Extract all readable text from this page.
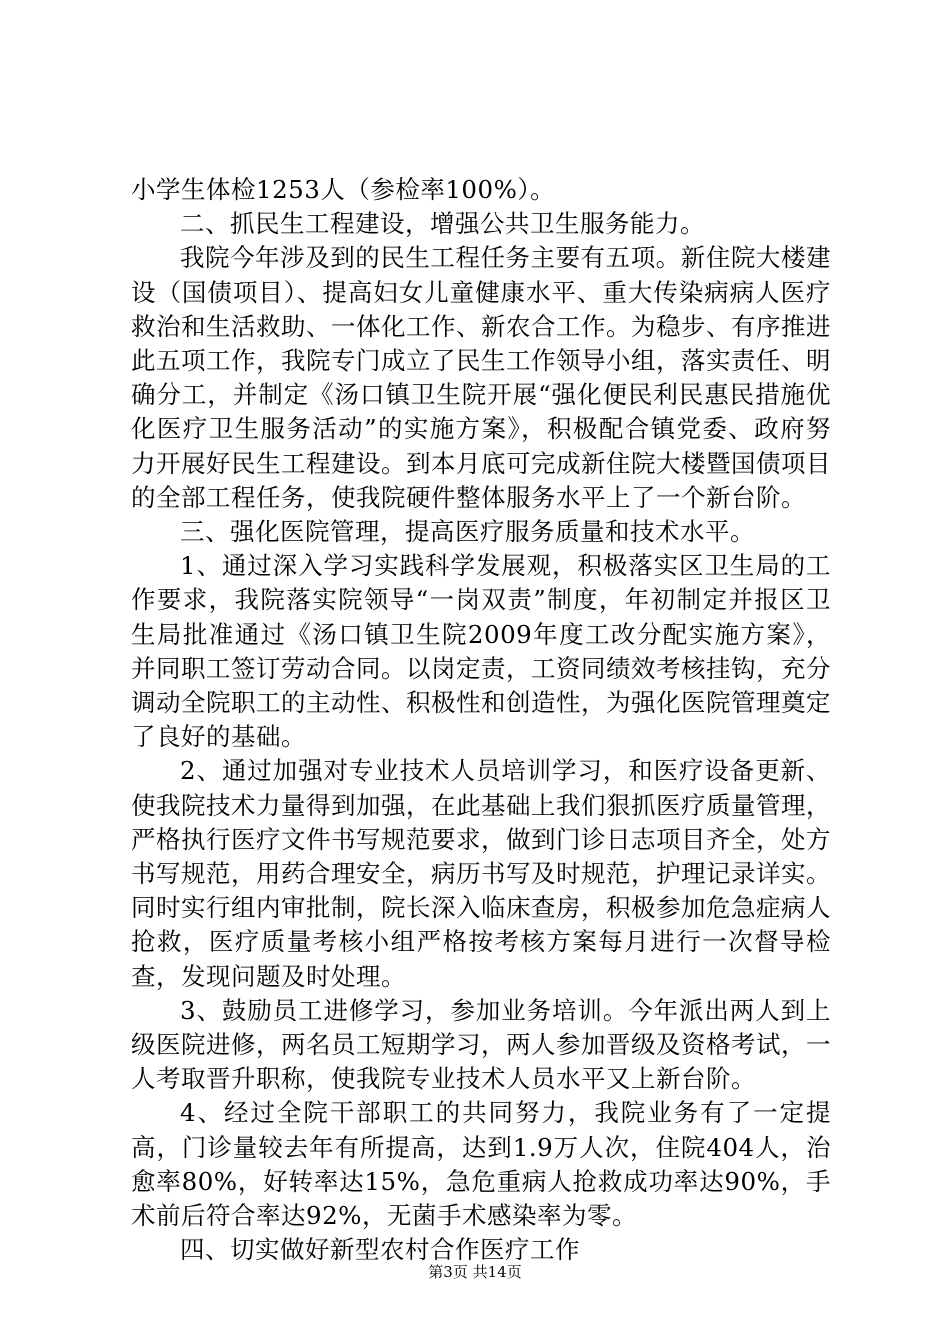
小学生体检1253人（参检率100%）。

二、抓民生工程建设，增强公共卫生服务能力。

我院今年涉及到的民生工程任务主要有五项。新住院大楼建设（国债项目）、提高妇女儿童健康水平、重大传染病病人医疗救治和生活救助、一体化工作、新农合工作。为稳步、有序推进此五项工作，我院专门成立了民生工作领导小组，落实责任、明确分工，并制定《汤口镇卫生院开展“强化便民利民惠民措施优化医疗卫生服务活动”的实施方案》，积极配合镇党委、政府努力开展好民生工程建设。到本月底可完成新住院大楼暨国债项目的全部工程任务，使我院硬件整体服务水平上了一个新台阶。

三、强化医院管理，提高医疗服务质量和技术水平。

1、通过深入学习实践科学发展观，积极落实区卫生局的工作要求，我院落实院领导“一岗双责”制度，年初制定并报区卫生局批准通过《汤口镇卫生院2009年度工改分配实施方案》，并同职工签订劳动合同。以岗定责，工资同绩效考核挂钩，充分调动全院职工的主动性、积极性和创造性，为强化医院管理奠定了良好的基础。

2、通过加强对专业技术人员培训学习，和医疗设备更新、使我院技术力量得到加强，在此基础上我们狠抓医疗质量管理，严格执行医疗文件书写规范要求，做到门诊日志项目齐全，处方书写规范，用药合理安全，病历书写及时规范，护理记录详实。同时实行组内审批制，院长深入临床查房，积极参加危急症病人抢救，医疗质量考核小组严格按考核方案每月进行一次督导检查，发现问题及时处理。

3、鼓励员工进修学习，参加业务培训。今年派出两人到上级医院进修，两名员工短期学习，两人参加晋级及资格考试，一人考取晋升职称，使我院专业技术人员水平又上新台阶。

4、经过全院干部职工的共同努力，我院业务有了一定提高，门诊量较去年有所提高，达到1.9万人次，住院404人，治愈率80%，好转率达15%，急危重病人抢救成功率达90%，手术前后符合率达92%，无菌手术感染率为零。

四、切实做好新型农村合作医疗工作

第3页 共14页
